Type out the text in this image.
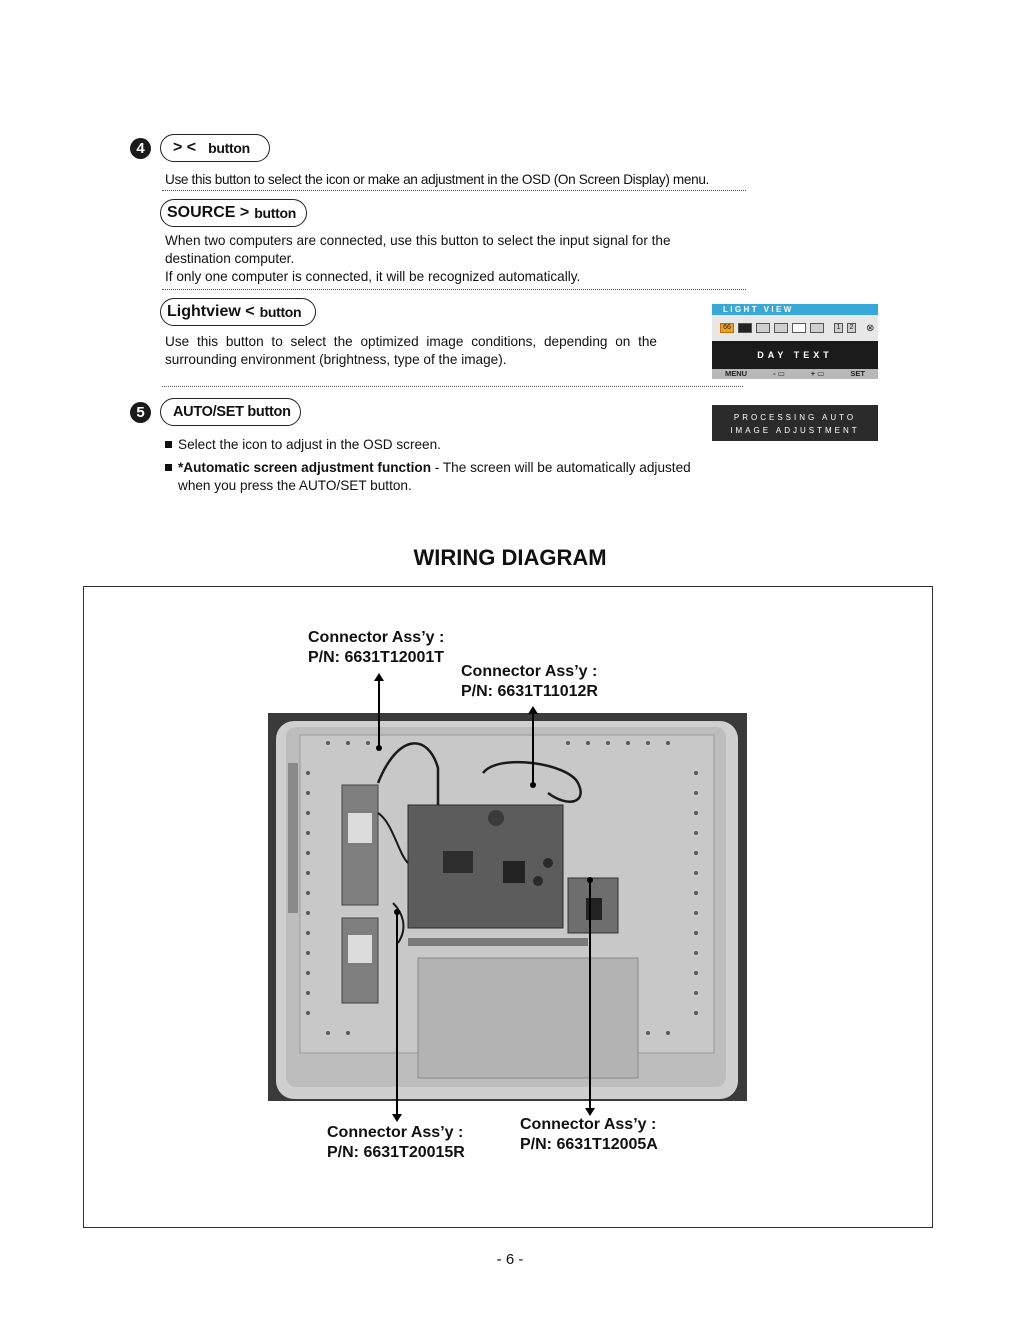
4	> < button
Use this button to select the icon or make an adjustment in the OSD (On Screen Display) menu.
SOURCE > button
When two computers are connected, use this button to select the input signal for the
destination computer.
If only one computer is connected, it will be recognized automatically.
Lightview < button
Use this button to select the optimized image conditions, depending on the
surrounding environment (brightness, type of the image).
LIGHT VIEW
66	1	2 ⊗
DAY TEXT
MENU	- ▭	+ ▭	SET
5	AUTO/SET button	PROCESSING AUTO
IMAGE ADJUSTMENT
Select the icon to adjust in the OSD screen.
*Automatic screen adjustment function - The screen will be automatically adjusted
when you press the AUTO/SET button.
WIRING DIAGRAM
Connector Ass’y :
P/N: 6631T12001T
Connector Ass’y :
P/N: 6631T11012R
Connector Ass’y :
P/N: 6631T20015R
Connector Ass’y :
P/N: 6631T12005A
- 6 -
